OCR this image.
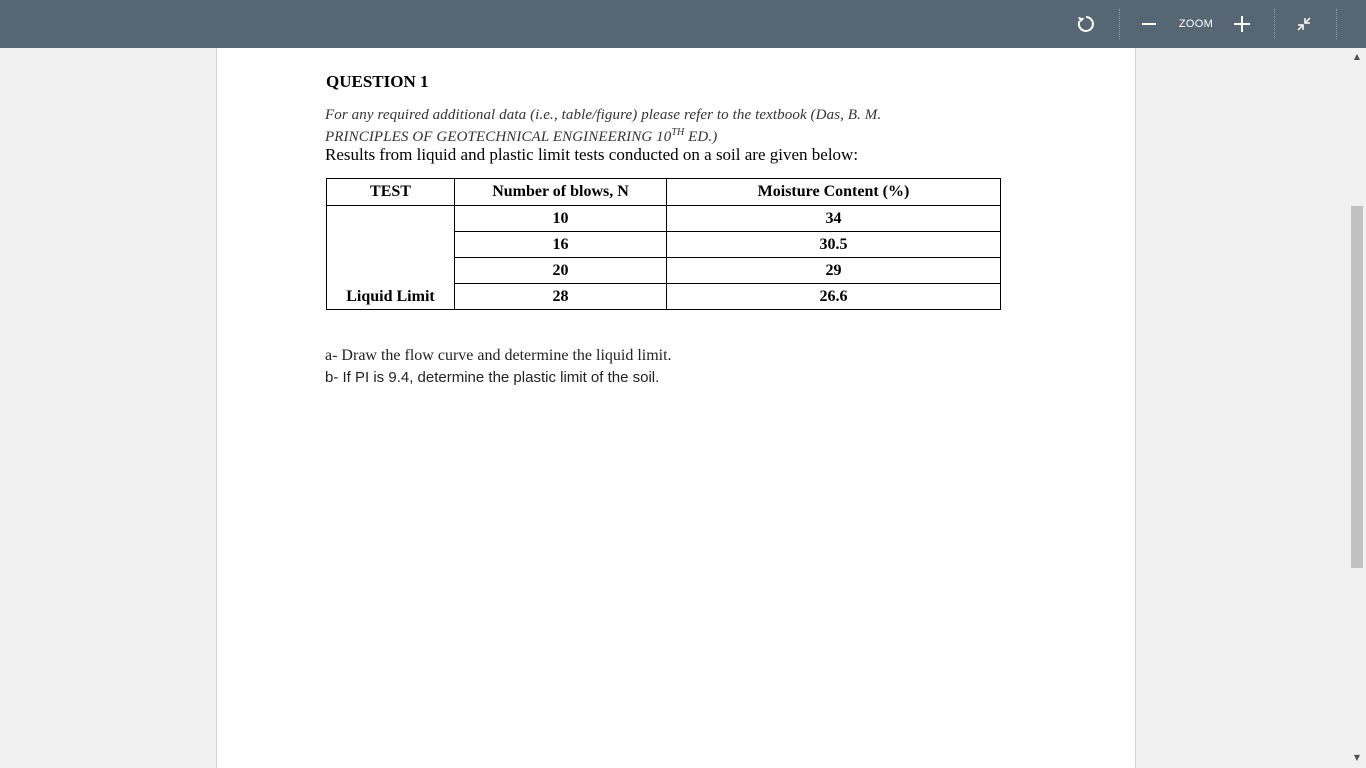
ZOOM
QUESTION 1
For any required additional data (i.e., table/figure) please refer to the textbook (Das, B. M. PRINCIPLES OF GEOTECHNICAL ENGINEERING 10TH ED.)
Results from liquid and plastic limit tests conducted on a soil are given below:
TEST	Number of blows, N	Moisture Content (%)

Liquid Limit	10	34
	16	30.5
	20	29
	28	26.6
a- Draw the flow curve and determine the liquid limit.
b- If PI is 9.4, determine the plastic limit of the soil.
▲
▼
